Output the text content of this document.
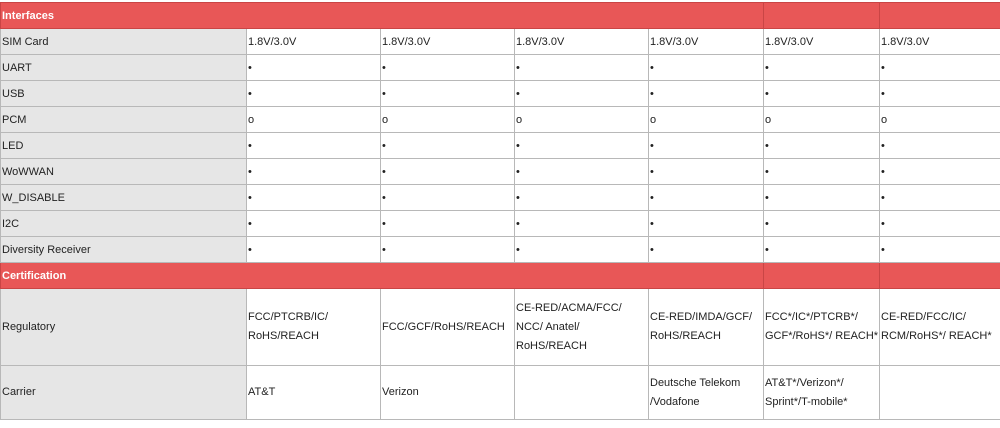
Interfaces						
SIM Card	1.8V/3.0V	1.8V/3.0V	1.8V/3.0V	1.8V/3.0V	1.8V/3.0V	1.8V/3.0V
UART	•	•	•	•	•	•
USB	•	•	•	•	•	•
PCM	o	o	o	o	o	o
LED	•	•	•	•	•	•
WoWWAN	•	•	•	•	•	•
W_DISABLE	•	•	•	•	•	•
I2C	•	•	•	•	•	•
Diversity Receiver	•	•	•	•	•	•
Certification						
Regulatory	FCC/PTCRB/IC/ RoHS/REACH	FCC/GCF/RoHS/REACH	CE-RED/ACMA/FCC/ NCC/ Anatel/ RoHS/REACH	CE-RED/IMDA/GCF/ RoHS/REACH	FCC*/IC*/PTCRB*/ GCF*/RoHS*/ REACH*	CE-RED/FCC/IC/ RCM/RoHS*/ REACH*
Carrier	AT&T	Verizon		Deutsche Telekom /Vodafone	AT&T*/Verizon*/ Sprint*/T-mobile*	
